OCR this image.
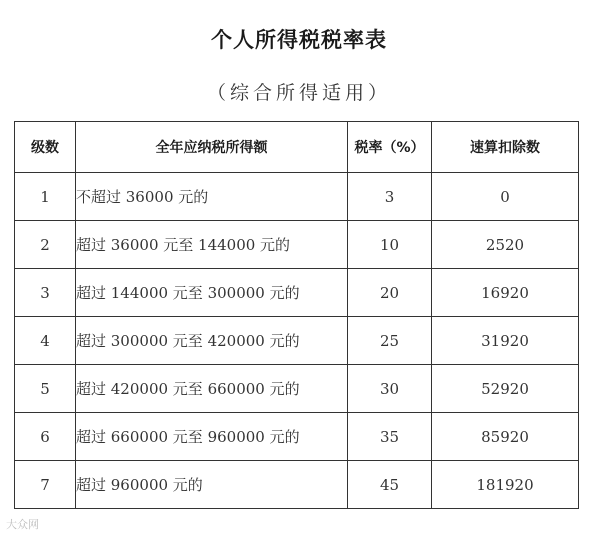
个人所得税税率表
（综合所得适用）
级数	全年应纳税所得额	税率（%）	速算扣除数
1	不超过 36000 元的	3	0
2	超过 36000 元至 144000 元的	10	2520
3	超过 144000 元至 300000 元的	20	16920
4	超过 300000 元至 420000 元的	25	31920
5	超过 420000 元至 660000 元的	30	52920
6	超过 660000 元至 960000 元的	35	85920
7	超过 960000 元的	45	181920
大众网
